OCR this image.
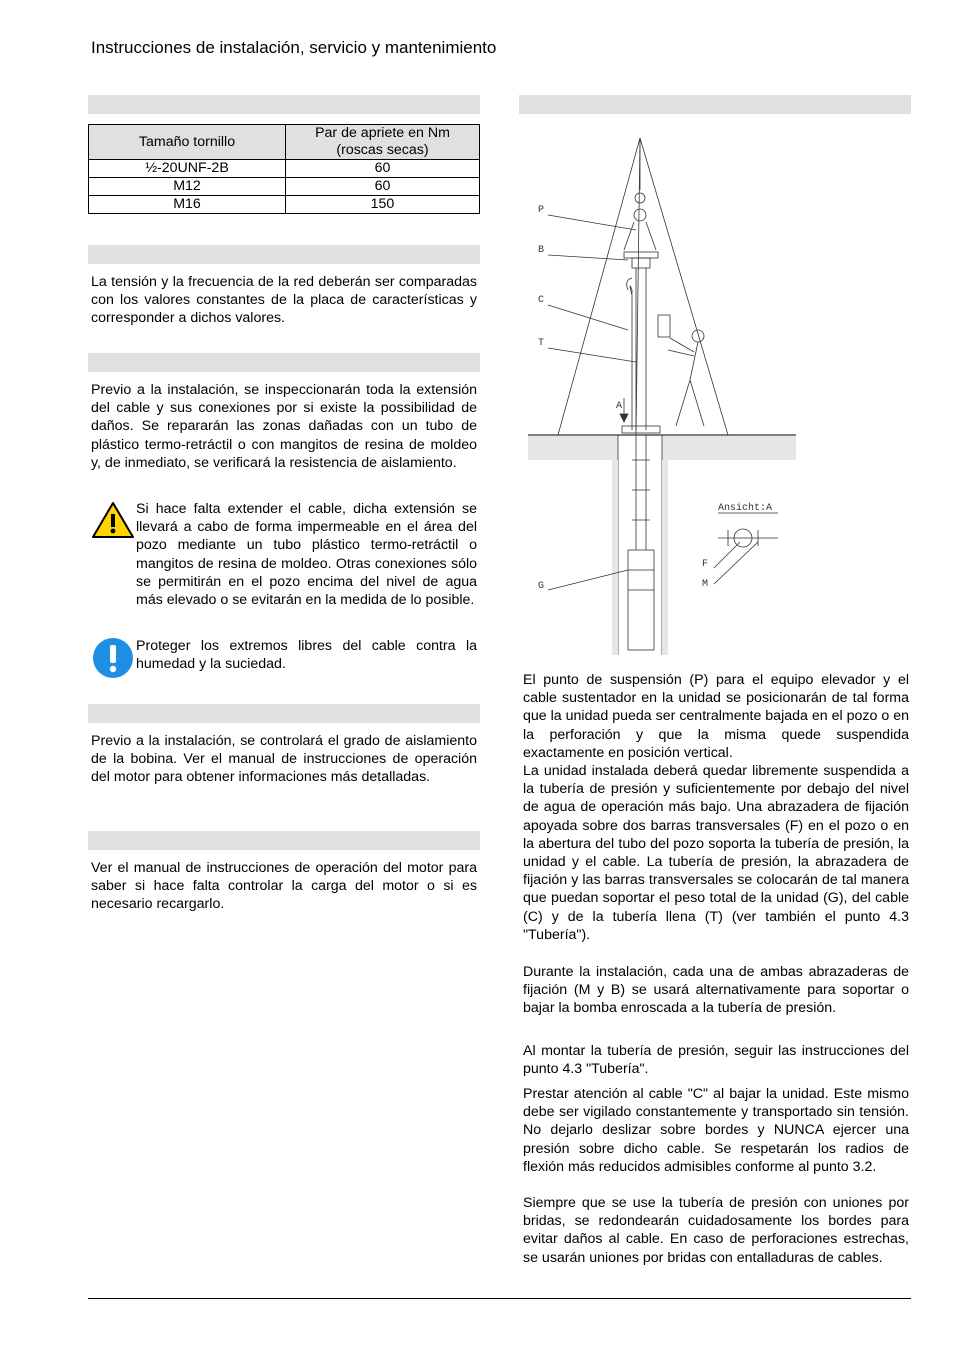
Instrucciones de instalación, servicio y mantenimiento
Tamaño tornillo	Par de apriete en Nm (roscas secas)
½-20UNF-2B	60
M12	60
M16	150

La tensión y la frecuencia de la red deberán ser comparadas con los valores constantes de la placa de características y corresponder a dichos valores.

Previo a la instalación, se inspeccionarán toda la extensión del cable y sus conexiones por si existe la possibilidad de daños. Se repararán las zonas dañadas con un tubo de plástico termo-retráctil o con mangitos de resina de moldeo y, de inmediato, se verificará la resistencia de aislamiento.

Si hace falta extender el cable, dicha extensión se llevará a cabo de forma impermeable en el área del pozo mediante un tubo plástico termo-retráctil o mangitos de resina de moldeo. Otras conexiones sólo se permitirán en el pozo encima del nivel de agua más elevado o se evitarán en la medida de lo posible.

Proteger los extremos libres del cable contra la humedad y la suciedad.

Previo a la instalación, se controlará el grado de aislamiento de la bobina. Ver el manual de instrucciones de operación del motor para obtener informaciones más detalladas.

Ver el manual de instrucciones de operación del motor para saber si hace falta controlar la carga del motor o si es necesario recargarlo.

P
B
C
T
A
G
F
M
Ansicht:A

El punto de suspensión (P) para el equipo elevador y el cable sustentador en la unidad se posicionarán de tal forma que la unidad pueda ser centralmente bajada en el pozo o en la perforación y que la misma quede suspendida exactamente en posición vertical.

La unidad instalada deberá quedar libremente suspendida a la tubería de presión y suficientemente por debajo del nivel de agua de operación más bajo. Una abrazadera de fijación apoyada sobre dos barras transversales (F) en el pozo o en la abertura del tubo del pozo soporta la tubería de presión, la unidad y el cable. La tubería de presión, la abrazadera de fijación y las barras transversales se colocarán de tal manera que puedan soportar el peso total de la unidad (G), del cable (C) y de la tubería llena (T) (ver también el punto 4.3 "Tubería").

Durante la instalación, cada una de ambas abrazaderas de fijación (M y B) se usará alternativamente para soportar o bajar la bomba enroscada a la tubería de presión.

Al montar la tubería de presión, seguir las instrucciones del punto 4.3 "Tubería".

Prestar atención al cable "C" al bajar la unidad. Este mismo debe ser vigilado constantemente y transportado sin tensión. No dejarlo deslizar sobre bordes y NUNCA ejercer una presión sobre dicho cable. Se respetarán los radios de flexión más reducidos admisibles conforme al punto 3.2.

Siempre que se use la tubería de presión con uniones por bridas, se redondearán cuidadosamente los bordes para evitar daños al cable. En caso de perforaciones estrechas, se usarán uniones por bridas con entalladuras de cables.
